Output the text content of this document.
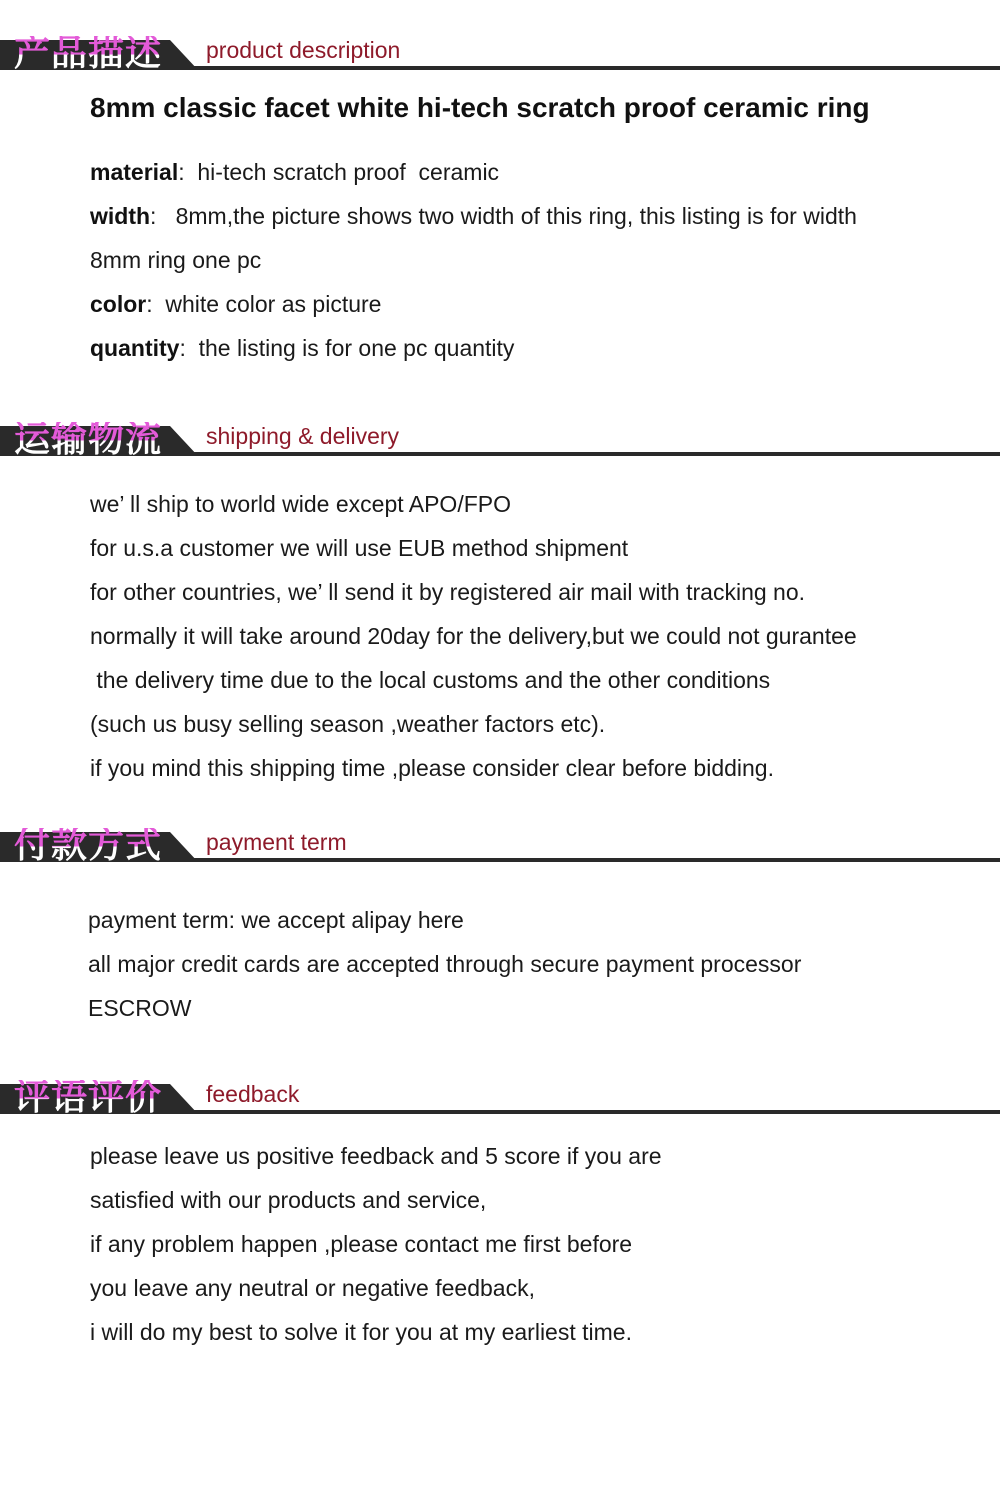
产品描述 product description
8mm classic facet white hi-tech scratch proof ceramic ring

material:  hi-tech scratch proof  ceramic

width:   8mm,the picture shows two width of this ring, this listing is for width

8mm ring one pc

color:  white color as picture

quantity:  the listing is for one pc quantity

运输物流 shipping & delivery

we’ ll ship to world wide except APO/FPO

for u.s.a customer we will use EUB method shipment

for other countries, we’ ll send it by registered air mail with tracking no.

normally it will take around 20day for the delivery,but we could not gurantee

the delivery time due to the local customs and the other conditions

(such us busy selling season ,weather factors etc).

if you mind this shipping time ,please consider clear before bidding.

付款方式 payment term

payment term: we accept alipay here

all major credit cards are accepted through secure payment processor

ESCROW

评语评价 feedback

please leave us positive feedback and 5 score if you are

satisfied with our products and service,

if any problem happen ,please contact me first before

you leave any neutral or negative feedback,

i will do my best to solve it for you at my earliest time.
